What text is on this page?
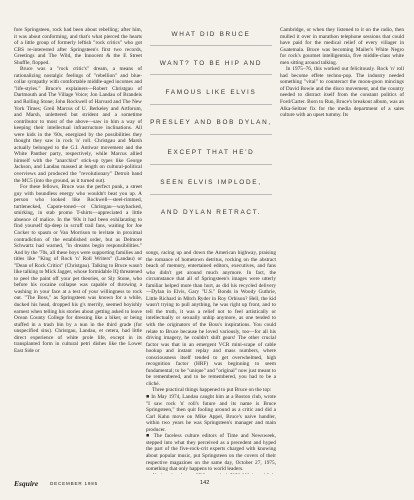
fore Springsteen, rock had been about rebelling; after him, it was about conforming, and that's what pierced the hearts of a little group of formerly leftish "rock critics" who got CBS re-interested after Springsteen's first two records, Greetings and The Wild, the Innocent & the E Street Shuffle, flopped.

Bruce was a "rock critic's" dream, a means of rationalizing nostalgic feelings of "rebellion" and blue-collar sympathy with comfortable middle-aged incomes and "life-styles." Bruce's explainers—Robert Christgau of Dartmouth and The Village Voice; Jon Landau of Brandeis and Rolling Stone; John Rockwell of Harvard and The New York Times; Greil Marcus of U. Berkeley and Artforum, and Marsh, unlettered but strident and a sometime contributor to most of the above—saw in him a way of keeping their intellectual infrastructure inclinations. All were kids in the '60s, energized by the possibilities they thought they saw in rock 'n' roll. Christgau and Marsh actually belonged to the G.I. Antiwar movement and the White Panther party, respectively, while Marcus allied himself with the "anarchist" stick-up types like George Jackson, and Landau massed at length on cultural-political overviews and produced the "revolutionary" Detroit band the MC5 (into the ground, as it turned out).

For these fellows, Bruce was the perfect punk, a street guy with boundless energy who wouldn't beat you up. A person who looked like Rockwell—steel-rimmed, turtlenecked, Capote-toned—or Christgau—waybacked, smirking, in stab promo T-shirts—appreciated a little absence of malice. In the '60s it had been exhilarating to find yourself tip-deep in scruff trail fans, waiting for Joe Cocker to spasm or Van Morrison to levitate in proximal contradiction of the established order, but as Delmore Schwartz had warned, "in dreams begin responsibilities." And by the '70s, all these boys were supporting families and titles like "King of Rock 'n' Roll Writers" (Landau) or "Dean of Rock Critics" (Christgau). Talking to Bruce wasn't like talking to Mick Jagger, whose formidable IQ threatened to peel the paint off your pet theories, or Sly Stone, who before his cocaine collapse was capable of throwing a washing in your face at a test of your willingness to rock out. "The Boss," as Springsteen was known for a while, ducked his head, dropped his g's merrily, seemed boyishly earnest when telling his stories about getting asked to leave Ocean County College for dressing like a biker, or being stuffed in a trash bin by a nun in the third grade (for unspecified sins). Christgau, Landau, et cetera, had little direct experience of white prole life, except in its transplanted form in cultural petri dishes like the Lower East Side or

WHAT DID BRUCE
WANT? TO BE HIP AND
FAMOUS LIKE ELVIS
PRESLEY AND BOB DYLAN,
EXCEPT THAT HE'D
SEEN ELVIS IMPLODE,
AND DYLAN RETRACT.

songs, racing up and down the American highway, praising the romance of hometown detritus, rocking on the abstract beach of memory, entertained editors, executives, and fans who didn't get around much anymore. In fact, the circumstance that all of Springsteen's images were utterly familiar helped more than hurt, as did his recycled delivery—Dylan in Elvis, Gary "U.S." Bonds in Woody Guthrie, Little Richard in Mitch Ryder in Roy Orbison? Hell, the kid wasn't trying to pull anything, he was right up front, and to tell the truth, it was a relief not to feel artistically or intellectually or sexually unhip anymore, as one tended to with the originators of the Boss's inspirations. You could relate to Bruce because he loved variously, too—for all his driving imagery, he couldn't shift gears! The other crucial factor was that in an emergent VCR mini-scape of cable hookup and instant replay and mass numbers, where consciousness itself tended to get overwhelmed, high recognition factor (HRF) was beginning to seem fundamental; to be "unique" and "original" now just meant to be remembered, and to be remembered, you had to be a cliché.

Three practical things happened to put Bruce on the top:

■ In May 1974, Landau caught him at a Boston club, wrote "I saw rock 'n' roll's future and its name is Bruce Springsteen," then quit fooling around as a critic and did a Carl Kahn move on Mike Appel, Bruce's naive handler, within two years he was Springsteen's manager and main producer.

■ The faceless culture editors of Time and Newsweek, stepped into what they perceived as a precedent and hyped the part of the five-rock-crit experts charged with knowing about popular music, put Springsteen on the covers of their respective magazines on the same day, October 27, 1975, something that only happens to world leaders.

Cambridge, or when they listened to it on the radio, then mulled it over in marathon telephone sessions that could have paid for the medical relief of every villager in Guatemala. Bruce was becoming Mailer's White Negro for rock's gourmet intelligentsia, five middle-class white men sitting around talking.

In 1975–76, this worked out felicitously. Rock 'n' roll had become effete techno-pop. The industry needed something "vital" to counteract the moon-goon mincings of David Bowie and the disco movement, and the country needed to distract itself from the constant politics of Ford/Carter. Born to Run, Bruce's breakout album, was an Alka-Seltzer fix for the media department of a sales culture with an upset tummy. Its

Esquire	DECEMBER 1985	142
